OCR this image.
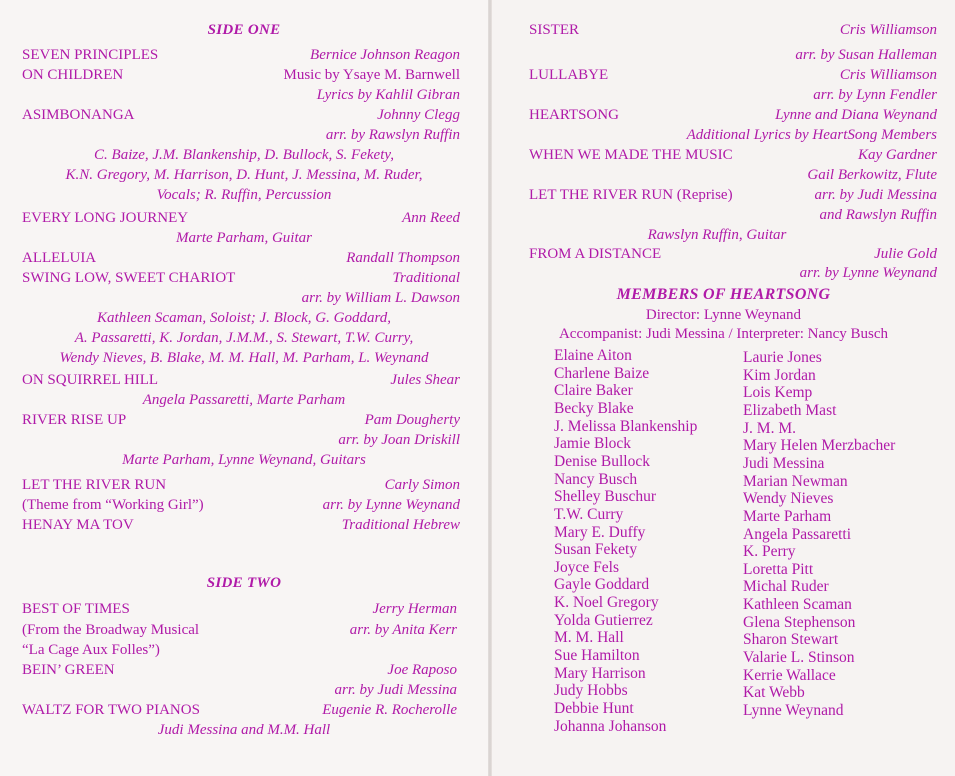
SIDE ONE
SEVEN PRINCIPLES	Bernice Johnson Reagon
ON CHILDREN	Music by Ysaye M. Barnwell
Lyrics by Kahlil Gibran
ASIMBONANGA	Johnny Clegg
arr. by Rawslyn Ruffin
C. Baize, J.M. Blankenship, D. Bullock, S. Fekety,
K.N. Gregory, M. Harrison, D. Hunt, J. Messina, M. Ruder,
Vocals; R. Ruffin, Percussion
EVERY LONG JOURNEY	Ann Reed
Marte Parham, Guitar
ALLELUIA	Randall Thompson
SWING LOW, SWEET CHARIOT	Traditional
arr. by William L. Dawson
Kathleen Scaman, Soloist; J. Block, G. Goddard,
A. Passaretti, K. Jordan, J.M.M., S. Stewart, T.W. Curry,
Wendy Nieves, B. Blake, M. M. Hall, M. Parham, L. Weynand
ON SQUIRREL HILL	Jules Shear
Angela Passaretti, Marte Parham
RIVER RISE UP	Pam Dougherty
arr. by Joan Driskill
Marte Parham, Lynne Weynand, Guitars
LET THE RIVER RUN	Carly Simon
(Theme from “Working Girl”)	arr. by Lynne Weynand
HENAY MA TOV	Traditional Hebrew
SIDE TWO
BEST OF TIMES	Jerry Herman
(From the Broadway Musical	arr. by Anita Kerr
“La Cage Aux Folles”)
BEIN’ GREEN	Joe Raposo
arr. by Judi Messina
WALTZ FOR TWO PIANOS	Eugenie R. Rocherolle
Judi Messina and M.M. Hall
SISTER	Cris Williamson
arr. by Susan Halleman
LULLABYE	Cris Williamson
arr. by Lynn Fendler
HEARTSONG	Lynne and Diana Weynand
Additional Lyrics by HeartSong Members
WHEN WE MADE THE MUSIC	Kay Gardner
Gail Berkowitz, Flute
LET THE RIVER RUN (Reprise)	arr. by Judi Messina
and Rawslyn Ruffin
Rawslyn Ruffin, Guitar
FROM A DISTANCE	Julie Gold
arr. by Lynne Weynand
MEMBERS OF HEARTSONG
Director: Lynne Weynand
Accompanist: Judi Messina / Interpreter: Nancy Busch
Elaine Aiton
Charlene Baize
Claire Baker
Becky Blake
J. Melissa Blankenship
Jamie Block
Denise Bullock
Nancy Busch
Shelley Buschur
T.W. Curry
Mary E. Duffy
Susan Fekety
Joyce Fels
Gayle Goddard
K. Noel Gregory
Yolda Gutierrez
M. M. Hall
Sue Hamilton
Mary Harrison
Judy Hobbs
Debbie Hunt
Johanna Johanson
Laurie Jones
Kim Jordan
Lois Kemp
Elizabeth Mast
J. M. M.
Mary Helen Merzbacher
Judi Messina
Marian Newman
Wendy Nieves
Marte Parham
Angela Passaretti
K. Perry
Loretta Pitt
Michal Ruder
Kathleen Scaman
Glena Stephenson
Sharon Stewart
Valarie L. Stinson
Kerrie Wallace
Kat Webb
Lynne Weynand
